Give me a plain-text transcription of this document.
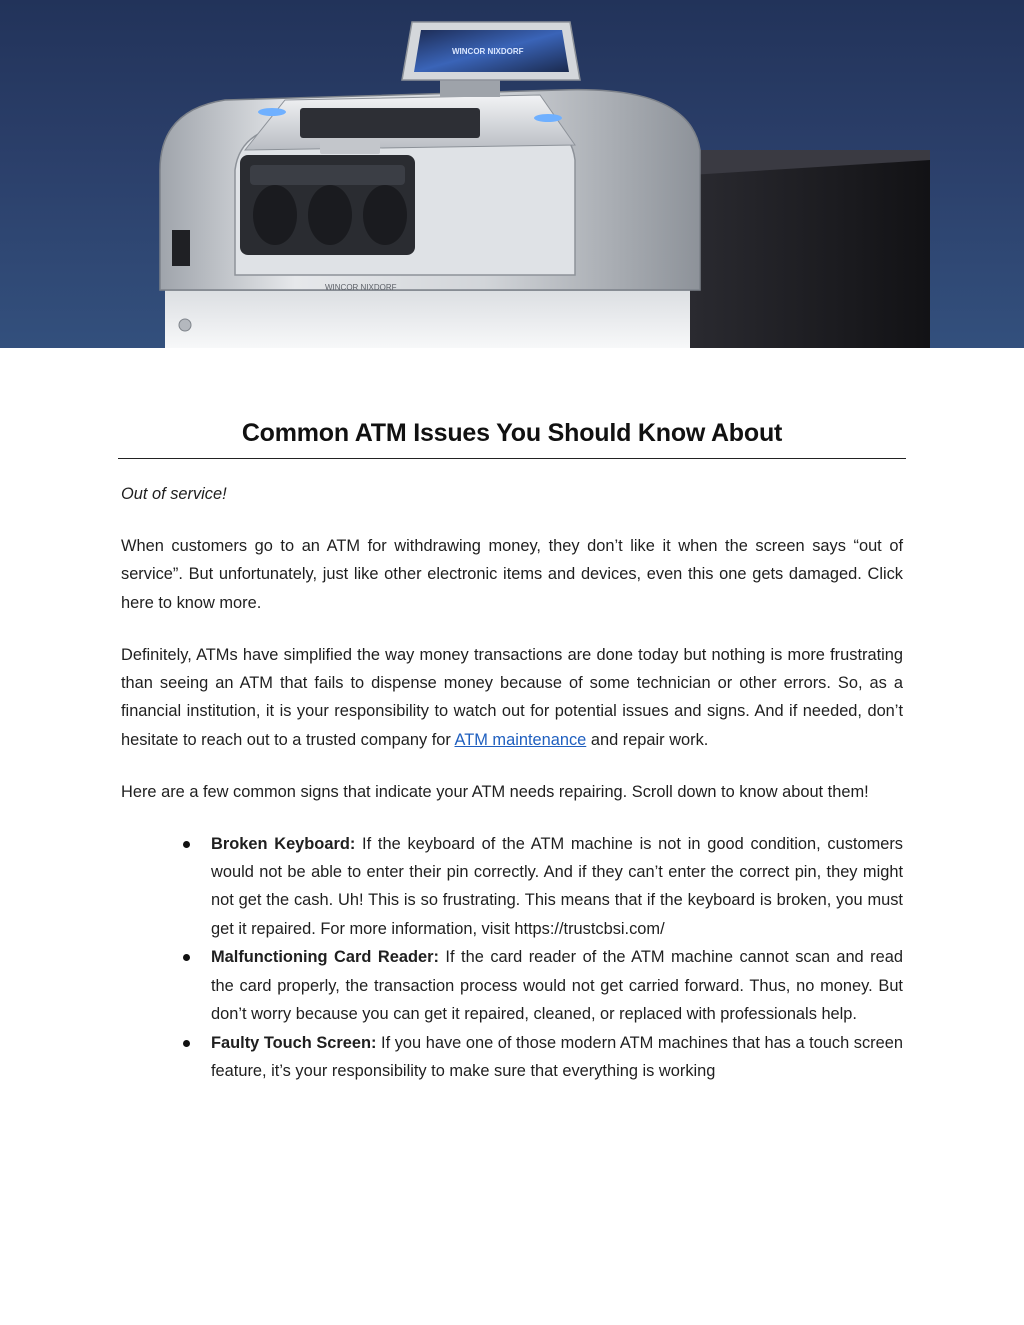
WINCOR NIXDORF
WINCOR NIXDORF
Common ATM Issues You Should Know About

Out of service!

When customers go to an ATM for withdrawing money, they don’t like it when the screen says “out of service”. But unfortunately, just like other electronic items and devices, even this one gets damaged. Click here to know more.

Definitely, ATMs have simplified the way money transactions are done today but nothing is more frustrating than seeing an ATM that fails to dispense money because of some technician or other errors. So, as a financial institution, it is your responsibility to watch out for potential issues and signs. And if needed, don’t hesitate to reach out to a trusted company for ATM maintenance and repair work.

Here are a few common signs that indicate your ATM needs repairing. Scroll down to know about them!

Broken Keyboard: If the keyboard of the ATM machine is not in good condition, customers would not be able to enter their pin correctly. And if they can’t enter the correct pin, they might not get the cash. Uh! This is so frustrating. This means that if the keyboard is broken, you must get it repaired. For more information, visit https://trustcbsi.com/
Malfunctioning Card Reader: If the card reader of the ATM machine cannot scan and read the card properly, the transaction process would not get carried forward. Thus, no money. But don’t worry because you can get it repaired, cleaned, or replaced with professionals help.
Faulty Touch Screen: If you have one of those modern ATM machines that has a touch screen feature, it’s your responsibility to make sure that everything is working
